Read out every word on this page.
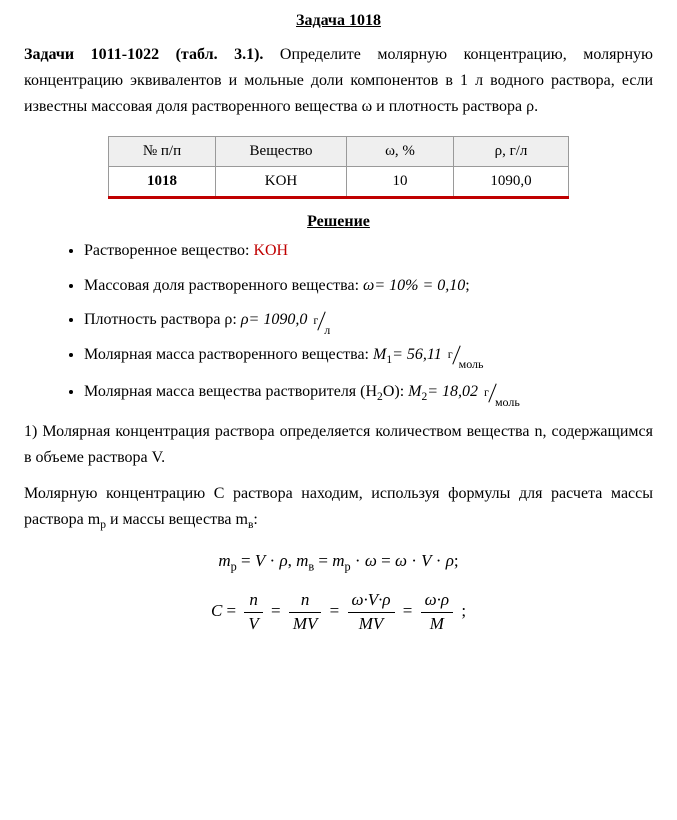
Задача 1018

Задачи 1011-1022 (табл. 3.1). Определите молярную концентрацию, молярную концентрацию эквивалентов и мольные доли компонентов в 1 л водного раствора, если известны массовая доля растворенного вещества ω и плотность раствора ρ.

№ п/п	Вещество	ω, %	ρ, г/л
1018	KOH	10	1090,0
Решение
• Растворенное вещество: KOH
• Массовая доля растворенного вещества: ω= 10% = 0,10;
• Плотность раствора ρ: ρ= 1090,0 гл
• Молярная масса растворенного вещества: $M_1= 56,11$ гмоль
• Молярная масса вещества растворителя $(H_2O)$: $M_2= 18,02$ гмоль

1) Молярная концентрация раствора определяется количеством вещества n, содержащимся в объеме раствора V.

Молярную концентрацию С раствора находим, используя формулы для расчета массы раствора $m_р$ и массы вещества $m_в$:

$m_р = V \cdot \rho$, $m_в = m_р \cdot \omega = \omega \cdot V \cdot \rho$;
$C = \frac{n}{V} = \frac{n}{MV} = \frac{\omega\cdot V\cdot\rho}{MV} = \frac{\omega\cdot\rho}{M}$ ;
